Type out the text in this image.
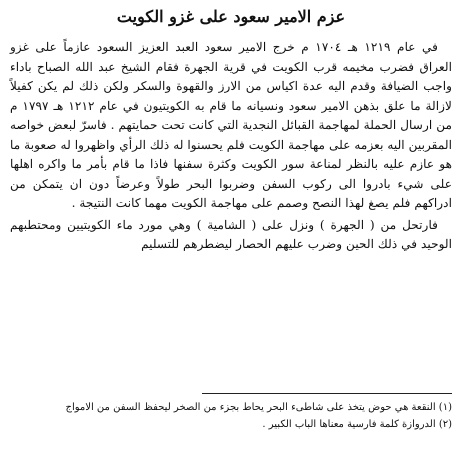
عزم الامير سعود على غزو الكويت

في عام ١٢١٩ هـ ١٧٠٤ م خرج الامير سعود العبد العزيز السعود عازماً على غزو العراق فضرب مخيمه قرب الكويت في قرية الجهرة فقام الشيخ عبد الله الصباح باداء واجب الضيافة وقدم اليه عدة اكياس من الارز والقهوة والسكر ولكن ذلك لم يكن كفيلاً لازالة ما علق بذهن الامير سعود ونسيانه ما قام به الكويتيون في عام ١٢١٢ هـ ١٧٩٧ م من ارسال الحملة لمهاجمة القبائل النجدية التي كانت تحت حمايتهم . فاسرّ لبعض خواصه المقربين اليه بعزمه على مهاجمة الكويت فلم يحسنوا له ذلك الرأي واظهروا له صعوبة ما هو عازم عليه بالنظر لمناعة سور الكويت وكثرة سفنها فاذا ما قام بأمر ما واكره اهلها على شيء بادروا الى ركوب السفن وضربوا البحر طولاً وعرضاً دون ان يتمكن من ادراكهم فلم يصغ لهذا النصح وصمم على مهاجمة الكويت مهما كانت النتيجة .

فارتحل من ( الجهرة ) ونزل على ( الشامية ) وهي مورد ماء الكويتيين ومحتطبهم الوحيد في ذلك الحين وضرب عليهم الحصار ليضطرهم للتسليم

(١) النقعة هي حوض يتخذ على شاطىء البحر يحاط بجزء من الصخر ليحفظ السفن من الامواج
(٢) الدروازة كلمة فارسية معناها الباب الكبير .
